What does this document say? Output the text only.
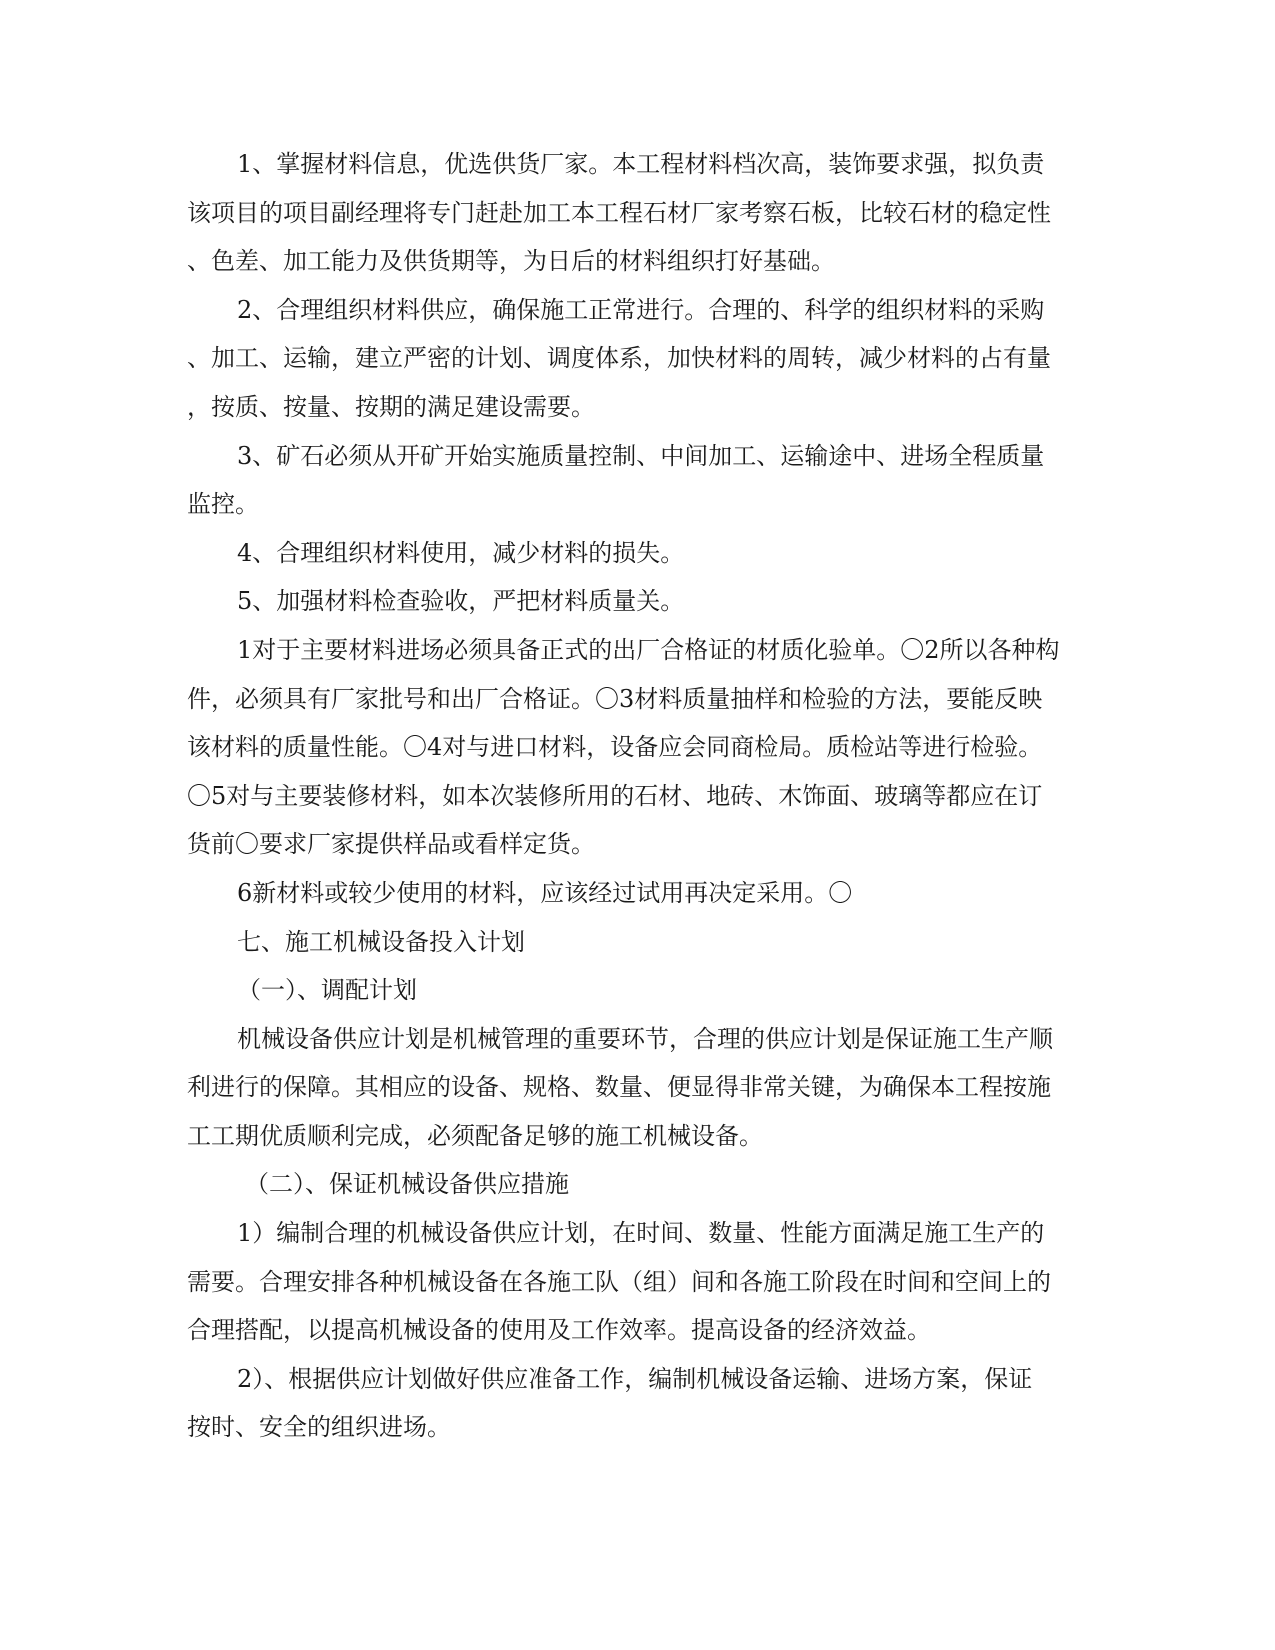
1、掌握材料信息，优选供货厂家。本工程材料档次高，装饰要求强，拟负责
该项目的项目副经理将专门赶赴加工本工程石材厂家考察石板，比较石材的稳定性
、色差、加工能力及供货期等，为日后的材料组织打好基础。
2、合理组织材料供应，确保施工正常进行。合理的、科学的组织材料的采购
、加工、运输，建立严密的计划、调度体系，加快材料的周转，减少材料的占有量
，按质、按量、按期的满足建设需要。
3、矿石必须从开矿开始实施质量控制、中间加工、运输途中、进场全程质量
监控。
4、合理组织材料使用，减少材料的损失。
5、加强材料检查验收，严把材料质量关。
1对于主要材料进场必须具备正式的出厂合格证的材质化验单。〇2所以各种构
件，必须具有厂家批号和出厂合格证。〇3材料质量抽样和检验的方法，要能反映
该材料的质量性能。〇4对与进口材料，设备应会同商检局。质检站等进行检验。
〇5对与主要装修材料，如本次装修所用的石材、地砖、木饰面、玻璃等都应在订
货前〇要求厂家提供样品或看样定货。
6新材料或较少使用的材料，应该经过试用再决定采用。〇
七、施工机械设备投入计划
（一）、调配计划
机械设备供应计划是机械管理的重要环节，合理的供应计划是保证施工生产顺
利进行的保障。其相应的设备、规格、数量、便显得非常关键，为确保本工程按施
工工期优质顺利完成，必须配备足够的施工机械设备。
（二）、保证机械设备供应措施
1）编制合理的机械设备供应计划，在时间、数量、性能方面满足施工生产的
需要。合理安排各种机械设备在各施工队（组）间和各施工阶段在时间和空间上的
合理搭配，以提高机械设备的使用及工作效率。提高设备的经济效益。
2）、根据供应计划做好供应准备工作，编制机械设备运输、进场方案，保证
按时、安全的组织进场。
